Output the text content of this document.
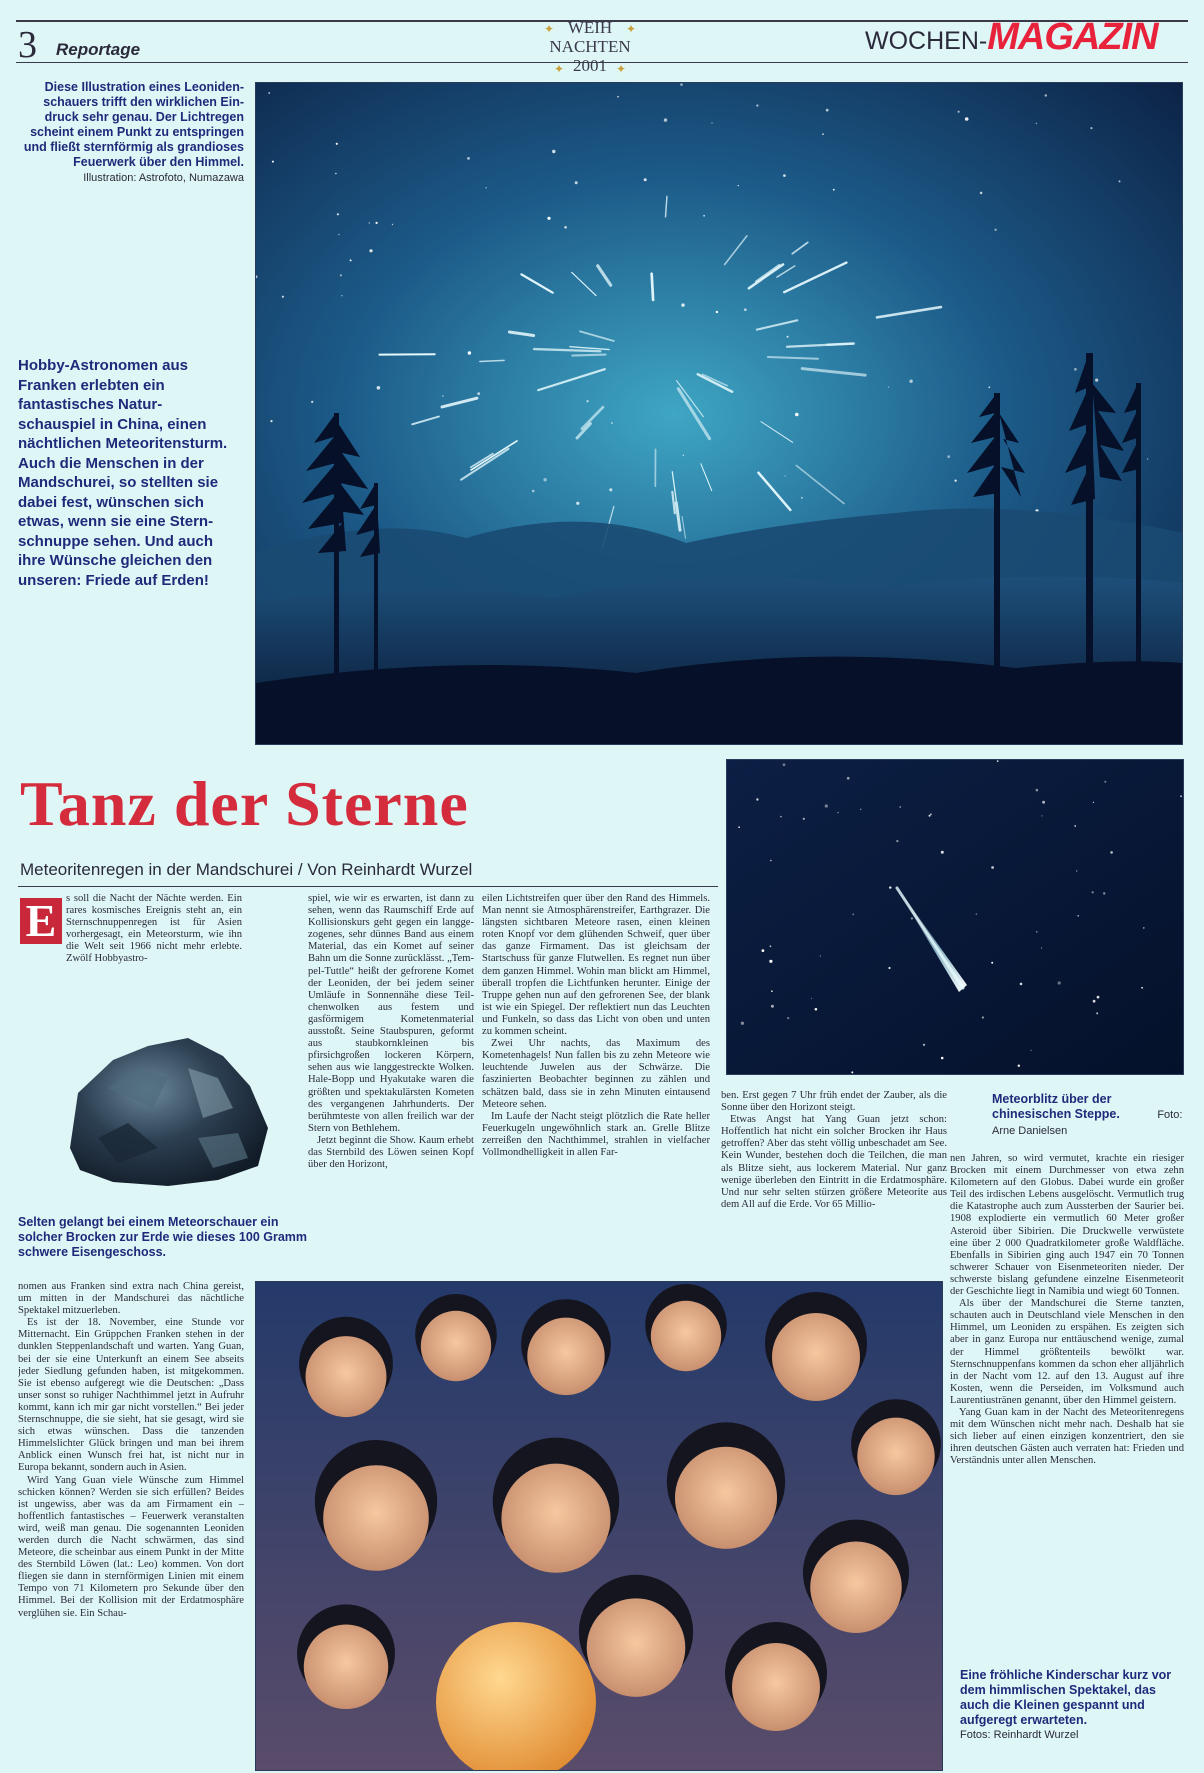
3 Reportage
✦	✦
✦	✦
WEIH
NACHTEN
2001
WOCHEN- MAGAZIN
Diese Illustration eines Leonidenschauers trifft den wirklichen Eindruck sehr genau. Der Lichtregen scheint einem Punkt zu entspringen und fließt sternförmig als grandioses Feuerwerk über den Himmel.
Illustration: Astrofoto, Numazawa
Hobby-Astronomen aus Franken erlebten ein fantastisches Naturschauspiel in China, einen nächtlichen Meteoritensturm. Auch die Menschen in der Mandschurei, so stellten sie dabei fest, wünschen sich etwas, wenn sie eine Sternschnuppe sehen. Und auch ihre Wünsche gleichen den unseren: Friede auf Erden!
Tanz der Sterne
Meteoritenregen in der Mandschurei / Von Reinhardt Wurzel
Meteorblitz über der chinesischen Steppe.	Foto: Arne Danielsen
E s soll die Nacht der Nächte werden. Ein rares kosmisches Ereignis steht an, ein Sternschnuppenregen ist für Asien vorhergesagt, ein Meteorsturm, wie ihn die Welt seit 1966 nicht mehr erlebte. Zwölf Hobbyastro-

Selten gelangt bei einem Meteorschauer ein solcher Brocken zur Erde wie dieses 100 Gramm schwere Eisengeschoss.

spiel, wie wir es erwarten, ist dann zu sehen, wenn das Raumschiff Erde auf Kollisionskurs geht gegen ein langgezogenes, sehr dünnes Band aus einem Material, das ein Komet auf seiner Bahn um die Sonne zurücklässt. „Tempel-Tuttle“ heißt der gefrorene Komet der Leoniden, der bei jedem seiner Umläufe in Sonnennähe diese Teilchenwolken aus festem und gasförmigem Kometenmaterial ausstoßt. Seine Staubspuren, geformt aus staubkornkleinen bis pfirsichgroßen lockeren Körpern, sehen aus wie langgestreckte Wolken. Hale-Bopp und Hyakutake waren die größten und spektakulärsten Kometen des vergangenen Jahrhunderts. Der berühmteste von allen freilich war der Stern von Bethlehem.

Jetzt beginnt die Show. Kaum erhebt das Sternbild des Löwen seinen Kopf über den Horizont,

eilen Lichtstreifen quer über den Rand des Himmels. Man nennt sie Atmosphärenstreifer, Earthgrazer. Die längsten sichtbaren Meteore rasen, einen kleinen roten Knopf vor dem glühenden Schweif, quer über das ganze Firmament. Das ist gleichsam der Startschuss für ganze Flutwellen. Es regnet nun über dem ganzen Himmel. Wohin man blickt am Himmel, überall tropfen die Lichtfunken herunter. Einige der Truppe gehen nun auf den gefrorenen See, der blank ist wie ein Spiegel. Der reflektiert nun das Leuchten und Funkeln, so dass das Licht von oben und unten zu kommen scheint.

Zwei Uhr nachts, das Maximum des Kometenhagels! Nun fallen bis zu zehn Meteore wie leuchtende Juwelen aus der Schwärze. Die faszinierten Beobachter beginnen zu zählen und schätzen bald, dass sie in zehn Minuten eintausend Meteore sehen.

Im Laufe der Nacht steigt plötzlich die Rate heller Feuerkugeln ungewöhnlich stark an. Grelle Blitze zerreißen den Nachthimmel, strahlen in vielfacher Vollmondhelligkeit in allen Far-

ben. Erst gegen 7 Uhr früh endet der Zauber, als die Sonne über den Horizont steigt.

Etwas Angst hat Yang Guan jetzt schon: Hoffentlich hat nicht ein solcher Brocken ihr Haus getroffen? Aber das steht völlig unbeschadet am See. Kein Wunder, bestehen doch die Teilchen, die man als Blitze sieht, aus lockerem Material. Nur ganz wenige überleben den Eintritt in die Erdatmosphäre. Und nur sehr selten stürzen größere Meteorite aus dem All auf die Erde. Vor 65 Millio-

nomen aus Franken sind extra nach China gereist, um mitten in der Mandschurei das nächtliche Spektakel mitzuerleben.

Es ist der 18. November, eine Stunde vor Mitternacht. Ein Grüppchen Franken stehen in der dunklen Steppenlandschaft und warten. Yang Guan, bei der sie eine Unterkunft an einem See abseits jeder Siedlung gefunden haben, ist mitgekommen. Sie ist ebenso aufgeregt wie die Deutschen: „Dass unser sonst so ruhiger Nachthimmel jetzt in Aufruhr kommt, kann ich mir gar nicht vorstellen.“ Bei jeder Sternschnuppe, die sie sieht, hat sie gesagt, wird sie sich etwas wünschen. Dass die tanzenden Himmelslichter Glück bringen und man bei ihrem Anblick einen Wunsch frei hat, ist nicht nur in Europa bekannt, sondern auch in Asien.

Wird Yang Guan viele Wünsche zum Himmel schicken können? Werden sie sich erfüllen? Beides ist ungewiss, aber was da am Firmament ein – hoffentlich fantastisches – Feuerwerk veranstalten wird, weiß man genau. Die sogenannten Leoniden werden durch die Nacht schwärmen, das sind Meteore, die scheinbar aus einem Punkt in der Mitte des Sternbild Löwen (lat.: Leo) kommen. Von dort fliegen sie dann in sternförmigen Linien mit einem Tempo von 71 Kilometern pro Sekunde über den Himmel. Bei der Kollision mit der Erdatmosphäre verglühen sie. Ein Schau-

nen Jahren, so wird vermutet, krachte ein riesiger Brocken mit einem Durchmesser von etwa zehn Kilometern auf den Globus. Dabei wurde ein großer Teil des irdischen Lebens ausgelöscht. Vermutlich trug die Katastrophe auch zum Aussterben der Saurier bei. 1908 explodierte ein vermutlich 60 Meter großer Asteroid über Sibirien. Die Druckwelle verwüstete eine über 2 000 Quadratkilometer große Waldfläche. Ebenfalls in Sibirien ging auch 1947 ein 70 Tonnen schwerer Schauer von Eisenmeteoriten nieder. Der schwerste bislang gefundene einzelne Eisenmeteorit der Geschichte liegt in Namibia und wiegt 60 Tonnen.

Als über der Mandschurei die Sterne tanzten, schauten auch in Deutschland viele Menschen in den Himmel, um Leoniden zu erspähen. Es zeigten sich aber in ganz Europa nur enttäuschend wenige, zumal der Himmel größtenteils bewölkt war. Sternschnuppenfans kommen da schon eher alljährlich in der Nacht vom 12. auf den 13. August auf ihre Kosten, wenn die Perseiden, im Volksmund auch Laurentiustränen genannt, über den Himmel geistern.

Yang Guan kam in der Nacht des Meteoritenregens mit dem Wünschen nicht mehr nach. Deshalb hat sie sich lieber auf einen einzigen konzentriert, den sie ihren deutschen Gästen auch verraten hat: Frieden und Verständnis unter allen Menschen.

Eine fröhliche Kinderschar kurz vor dem himmlischen Spektakel, das auch die Kleinen gespannt und aufgeregt erwarteten.
Fotos: Reinhardt Wurzel
